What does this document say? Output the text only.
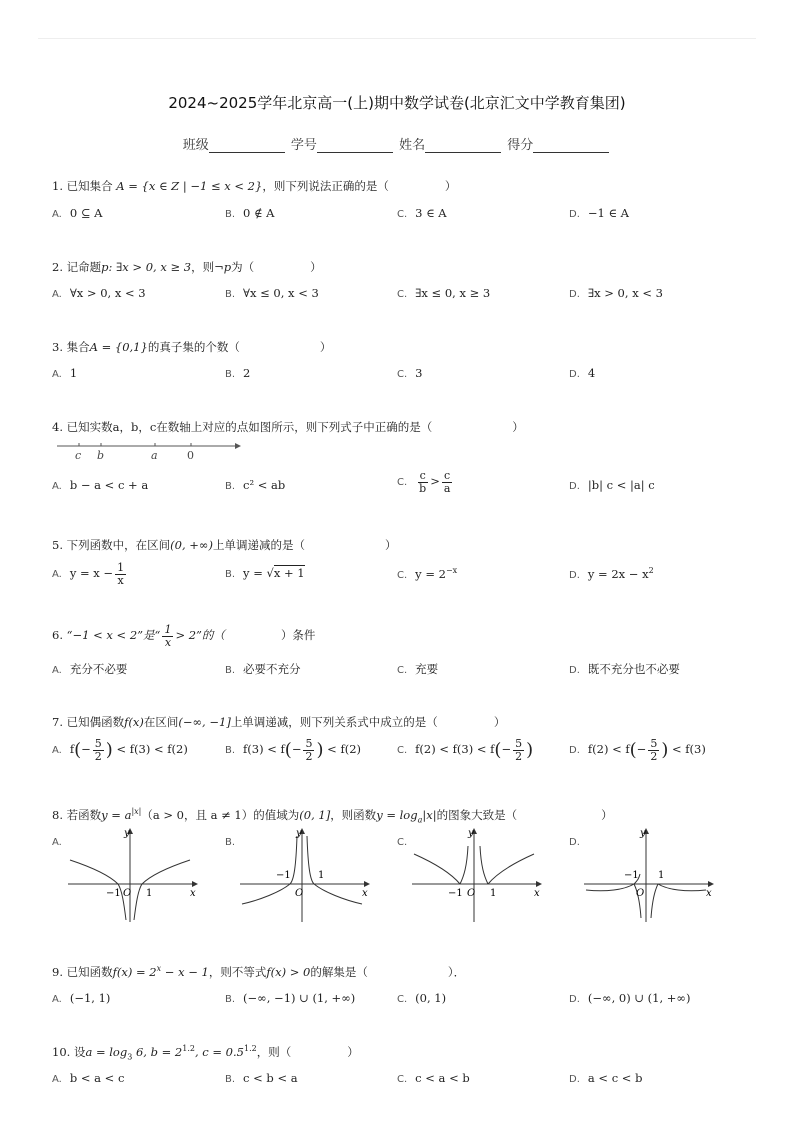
2024~2025学年北京高一(上)期中数学试卷(北京汇文中学教育集团)
班级	学号	姓名	得分
1. 已知集合 A = {x ∈ Z | −1 ≤ x < 2}，则下列说法正确的是（	）
A. 0 ⊆ A	B. 0 ∉ A	C. 3 ∈ A	D. −1 ∈ A
2. 记命题p: ∃x > 0, x ≥ 3，则¬p为（	）
A. ∀x > 0, x < 3	B. ∀x ≤ 0, x < 3	C. ∃x ≤ 0, x ≥ 3	D. ∃x > 0, x < 3
3. 集合A = {0,1}的真子集的个数（	）
A. 1	B. 2	C. 3	D. 4
4. 已知实数a，b，c在数轴上对应的点如图所示，则下列式子中正确的是（	）
c b	a	0
A. b − a < c + a	B. c² < ab	C. $\frac{c}{b} > \frac{c}{a}$	D. |b| c < |a| c
5. 下列函数中，在区间(0, +∞)上单调递减的是（	）
A. $y = x - \frac{1}{x}$	B. y = √x + 1	C. $y = 2^{-x}$	D. $y = 2x - x^2$
6. “−1 < x < 2”是“ $\frac{1}{x} > 2$”的（	）条件
A. 充分不必要	B. 必要不充分	C. 充要	D. 既不充分也不必要
7. 已知偶函数f(x)在区间(−∞, −1]上单调递减，则下列关系式中成立的是（	）
A. $f(- \frac{5}{2}$ ) < f(3) < f(2)	B. $f(3) < f(- \frac{5}{2}$ ) < f(2)	C. $f(2) < f(3) < f(- \frac{5}{2}$ )	D. $f(2) < f(- \frac{5}{2}$ ) < f(3)
8. 若函数$y = a^{|x|}(a > 0$，且 a ≠ 1）的值域为(0, 1]，则函数$y = \log_a|x|$的图象大致是（	）
A.	B.	C.	D.
y
x
O
−1	1
y
x
O
−1	1
y
x
O
−1	1
y
x
O
−1 1
9. 已知函数$f(x) = 2^x - x - 1$，则不等式f(x) > 0的解集是（	）．
A. (−1, 1)	B. (−∞, −1) ∪ (1, +∞)	C. (0, 1)	D. (−∞, 0) ∪ (1, +∞)
10. 设$a = \log_3 6$, $b = 2^{1.2}$, $c = 0.5^{1.2}$，则（	）
A. b < a < c	B. c < b < a	C. c < a < b	D. a < c < b
